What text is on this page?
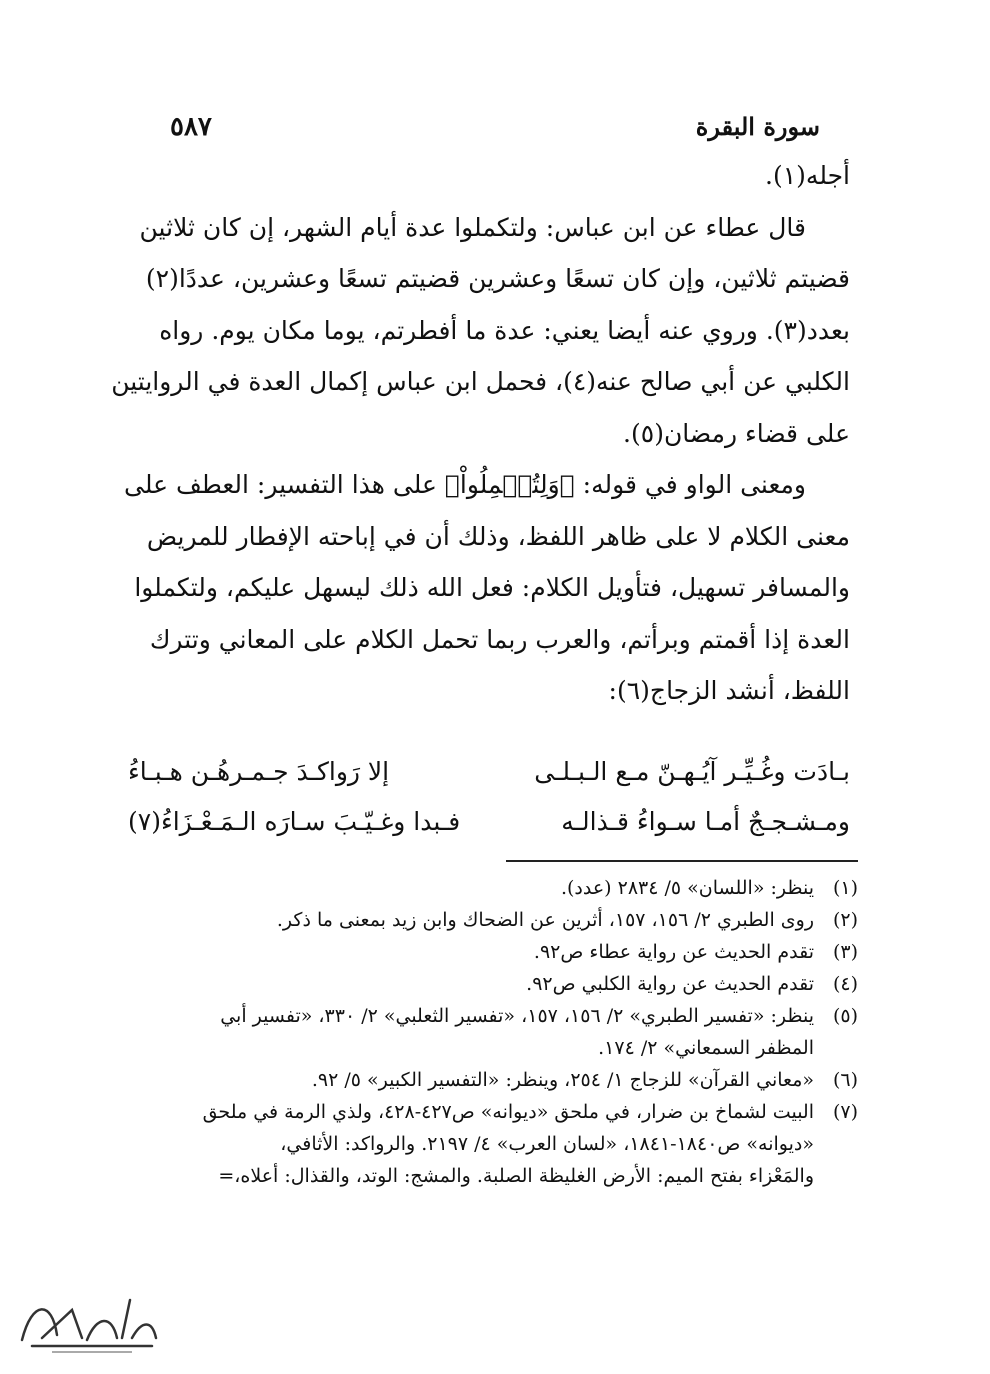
سورة البقرة
٥٨٧
أجله(١).
قال عطاء عن ابن عباس: ولتكملوا عدة أيام الشهر، إن كان ثلاثين
قضيتم ثلاثين، وإن كان تسعًا وعشرين قضيتم تسعًا وعشرين، عددًا(٢)
بعدد(٣). وروي عنه أيضا يعني: عدة ما أفطرتم، يوما مكان يوم. رواه
الكلبي عن أبي صالح عنه(٤)، فحمل ابن عباس إكمال العدة في الروايتين
على قضاء رمضان(٥).
ومعنى الواو في قوله: ﴿وَلِتُكۡمِلُواْ﴾ على هذا التفسير: العطف على
معنى الكلام لا على ظاهر اللفظ، وذلك أن في إباحته الإفطار للمريض
والمسافر تسهيل، فتأويل الكلام: فعل الله ذلك ليسهل عليكم، ولتكملوا
العدة إذا أقمتم وبرأتم، والعرب ربما تحمل الكلام على المعاني وتترك
اللفظ، أنشد الزجاج(٦):
بـادَت وغُـيِّـر آيُـهـنّ مـع الـبـلـى
إلا رَواكـدَ جـمـرهُـن هـبـاءُ
ومـشـجـجٌ أمـا سـواءُ قـذالـه
فـبدا وغـيّـبَ سـارَه الـمَـعْـزَاءُ(٧)
(١)
ينظر: «اللسان» ٥/ ٢٨٣٤ (عدد).
(٢)
روى الطبري ٢/ ١٥٦، ١٥٧، أثرين عن الضحاك وابن زيد بمعنى ما ذكر.
(٣)
تقدم الحديث عن رواية عطاء ص٩٢.
(٤)
تقدم الحديث عن رواية الكلبي ص٩٢.
(٥)
ينظر: «تفسير الطبري» ٢/ ١٥٦، ١٥٧، «تفسير الثعلبي» ٢/ ٣٣٠، «تفسير أبي
المظفر السمعاني» ٢/ ١٧٤.
(٦)
«معاني القرآن» للزجاج ١/ ٢٥٤، وينظر: «التفسير الكبير» ٥/ ٩٢.
(٧)
البيت لشماخ بن ضرار، في ملحق «ديوانه» ص٤٢٧-٤٢٨، ولذي الرمة في ملحق
«ديوانه» ص١٨٤٠-١٨٤١، «لسان العرب» ٤/ ٢١٩٧. والرواكد: الأثافي،
والمَعْزاء بفتح الميم: الأرض الغليظة الصلبة. والمشج: الوتد، والقذال: أعلاه،=
